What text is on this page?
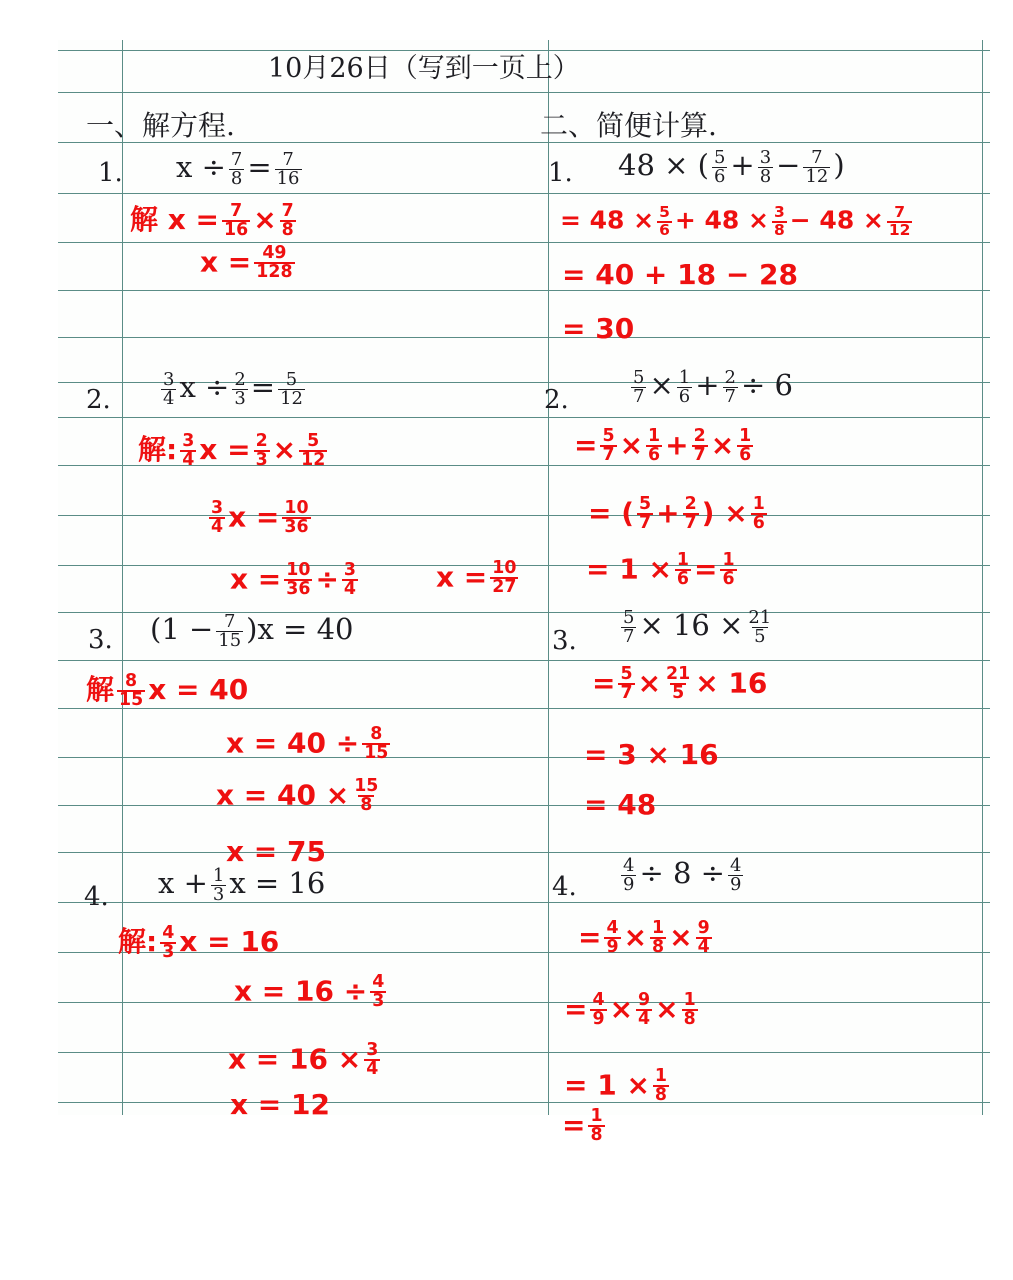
10月26日（写到一页上）
一、解方程.	二、简便计算.
1. $x \div \frac{7}{8} = \frac{7}{16}$
解 $x = \frac{7}{16} \times \frac{7}{8}$
$x = \frac{49}{128}$
2.	$\frac{3}{4}$ $x \div \frac{2}{3} = \frac{5}{12}$
解: $\frac{3}{4}$ $x = \frac{2}{3} \times \frac{5}{12}$
$\frac{3}{4}$ $x = \frac{10}{36}$
$x = \frac{10}{36} \div \frac{3}{4}$	$x = \frac{10}{27}$
3. $(1 - \frac{7}{15} )x = 40$
解 $\frac{8}{15}$ x = 40
$x = 40 \div \frac{8}{15}$
$x = 40 \times \frac{15}{8}$
x = 75
4. $x + \frac{1}{3}$ x = 16
解: $\frac{4}{3}$ x = 16
$x = 16 \div \frac{4}{3}$
$x = 16 \times \frac{3}{4}$
x = 12
1. 48 × ( $\frac{5}{6} + \frac{3}{8} - \frac{7}{12}$ )
= $48 \times \frac{5}{6} + 48 \times \frac{3}{8} - 48 \times \frac{7}{12}$
= 40 + 18 − 28
= 30
2.	$\frac{5}{7} \times \frac{1}{6} + \frac{2}{7} \div 6$
= $\frac{5}{7} \times \frac{1}{6} + \frac{2}{7} \times \frac{1}{6}$
= ( $\frac{5}{7} + \frac{2}{7}$ ) × $\frac{1}{6}$
= $1 \times \frac{1}{6} = \frac{1}{6}$
3. $\frac{5}{7} \times 16 \times \frac{21}{5}$
= $\frac{5}{7} \times \frac{21}{5} \times 16$
= 3 × 16
= 48
4. $\frac{4}{9} \div 8 \div \frac{4}{9}$
= $\frac{4}{9} \times \frac{1}{8} \times \frac{9}{4}$
= $\frac{4}{9} \times \frac{9}{4} \times \frac{1}{8}$
= $1 \times \frac{1}{8}$
= $\frac{1}{8}$
